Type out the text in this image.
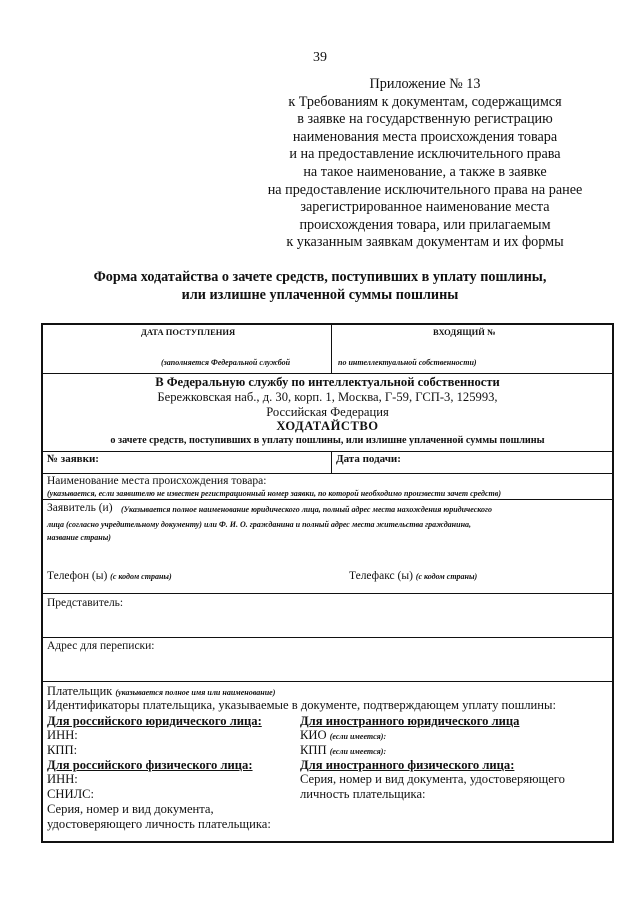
39
Приложение № 13
к Требованиям к документам, содержащимся
в заявке на государственную регистрацию
наименования места происхождения товара
и на предоставление исключительного права
на такое наименование, а также в заявке
на предоставление исключительного права на ранее
зарегистрированное наименование места
происхождения товара, или прилагаемым
к указанным заявкам документам и их формы
Форма ходатайства о зачете средств, поступивших в уплату пошлины,
или излишне уплаченной суммы пошлины
ДАТА ПОСТУПЛЕНИЯ	ВХОДЯЩИЙ №
(заполняется Федеральной службой	по интеллектуальной собственности)
В Федеральную службу по интеллектуальной собственности
Бережковская наб., д. 30, корп. 1, Москва, Г-59, ГСП-3, 125993,
Российская Федерация
ХОДАТАЙСТВО
о зачете средств, поступивших в уплату пошлины, или излишне уплаченной суммы пошлины
№ заявки:	Дата подачи:
Наименование места происхождения товара:
(указывается, если заявителю не известен регистрационный номер заявки, по которой необходимо произвести зачет средств)
Заявитель (и) (Указывается полное наименование юридического лица, полный адрес места нахождения юридического
лица (согласно учредительному документу) или Ф. И. О. гражданина и полный адрес места жительства гражданина,
название страны)
Телефон (ы) (с кодом страны)	Телефакс (ы) (с кодом страны)
Представитель:
Адрес для переписки:
Плательщик (указывается полное имя или наименование)
Идентификаторы плательщика, указываемые в документе, подтверждающем уплату пошлины:
Для российского юридического лица:	Для иностранного юридического лица
ИНН:	КИО (если имеется):
КПП:	КПП (если имеется):
Для российского физического лица:	Для иностранного физического лица:
ИНН:	Серия, номер и вид документа, удостоверяющего
СНИЛС:	личность плательщика:
Серия, номер и вид документа,
удостоверяющего личность плательщика:
